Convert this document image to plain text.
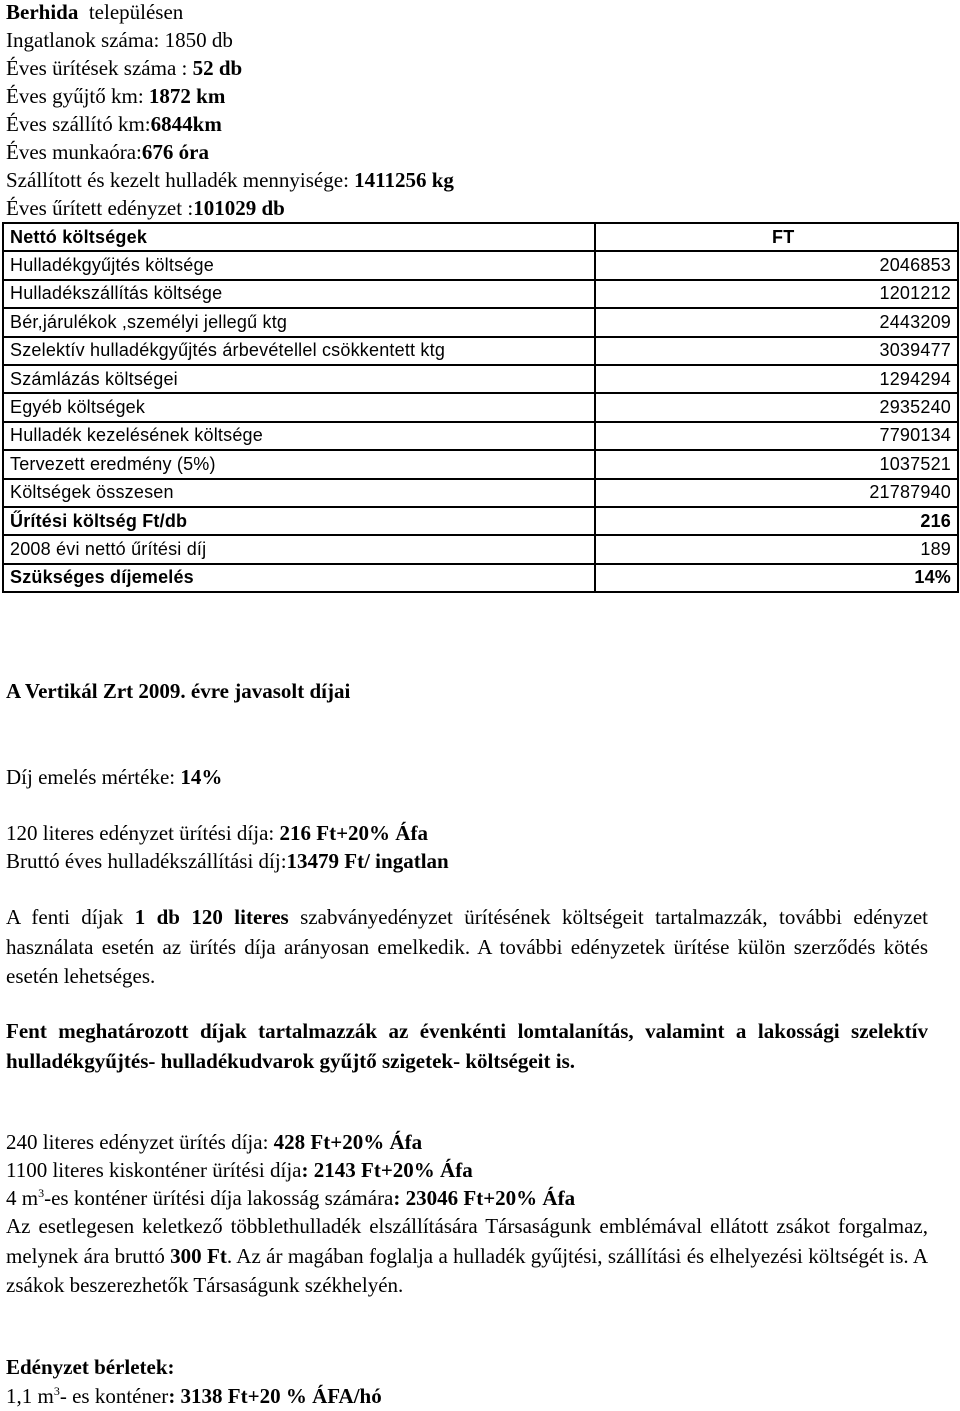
Berhida településen
Ingatlanok száma: 1850 db
Éves ürítések száma : 52 db
Éves gyűjtő km: 1872 km
Éves szállító km:6844km
Éves munkaóra:676 óra
Szállított és kezelt hulladék mennyisége: 1411256 kg
Éves űrített edényzet :101029 db
Nettó költségek	FT
Hulladékgyűjtés költsége	2046853
Hulladékszállítás költsége	1201212
Bér,járulékok ,személyi jellegű ktg	2443209
Szelektív hulladékgyűjtés árbevétellel csökkentett ktg	3039477
Számlázás költségei	1294294
Egyéb költségek	2935240
Hulladék kezelésének költsége	7790134
Tervezett eredmény (5%)	1037521
Költségek összesen	21787940
Űrítési költség Ft/db	216
2008 évi nettó űrítési díj	189
Szükséges díjemelés	14%
A Vertikál Zrt 2009. évre javasolt díjai
Díj emelés mértéke: 14%
120 literes edényzet ürítési díja: 216 Ft+20% Áfa
Bruttó éves hulladékszállítási díj:13479 Ft/ ingatlan
A fenti díjak 1 db 120 literes szabványedényzet ürítésének költségeit tartalmazzák, további edényzet használata esetén az ürítés díja arányosan emelkedik. A további edényzetek ürítése külön szerződés kötés esetén lehetséges.
Fent meghatározott díjak tartalmazzák az évenkénti lomtalanítás, valamint a lakossági szelektív hulladékgyűjtés- hulladékudvarok gyűjtő szigetek- költségeit is.
240 literes edényzet ürítés díja: 428 Ft+20% Áfa
1100 literes kiskonténer ürítési díja: 2143 Ft+20% Áfa
4 $m^3-es$ konténer ürítési díja lakosság számára: 23046 Ft+20% Áfa
Az esetlegesen keletkező többlethulladék elszállítására Társaságunk emblémával ellátott zsákot forgalmaz, melynek ára bruttó 300 Ft. Az ár magában foglalja a hulladék gyűjtési, szállítási és elhelyezési költségét is. A zsákok beszerezhetők Társaságunk székhelyén.
Edényzet bérletek:
1,1 $m^3-$ es konténer: 3138 Ft+20 % ÁFA/hó
